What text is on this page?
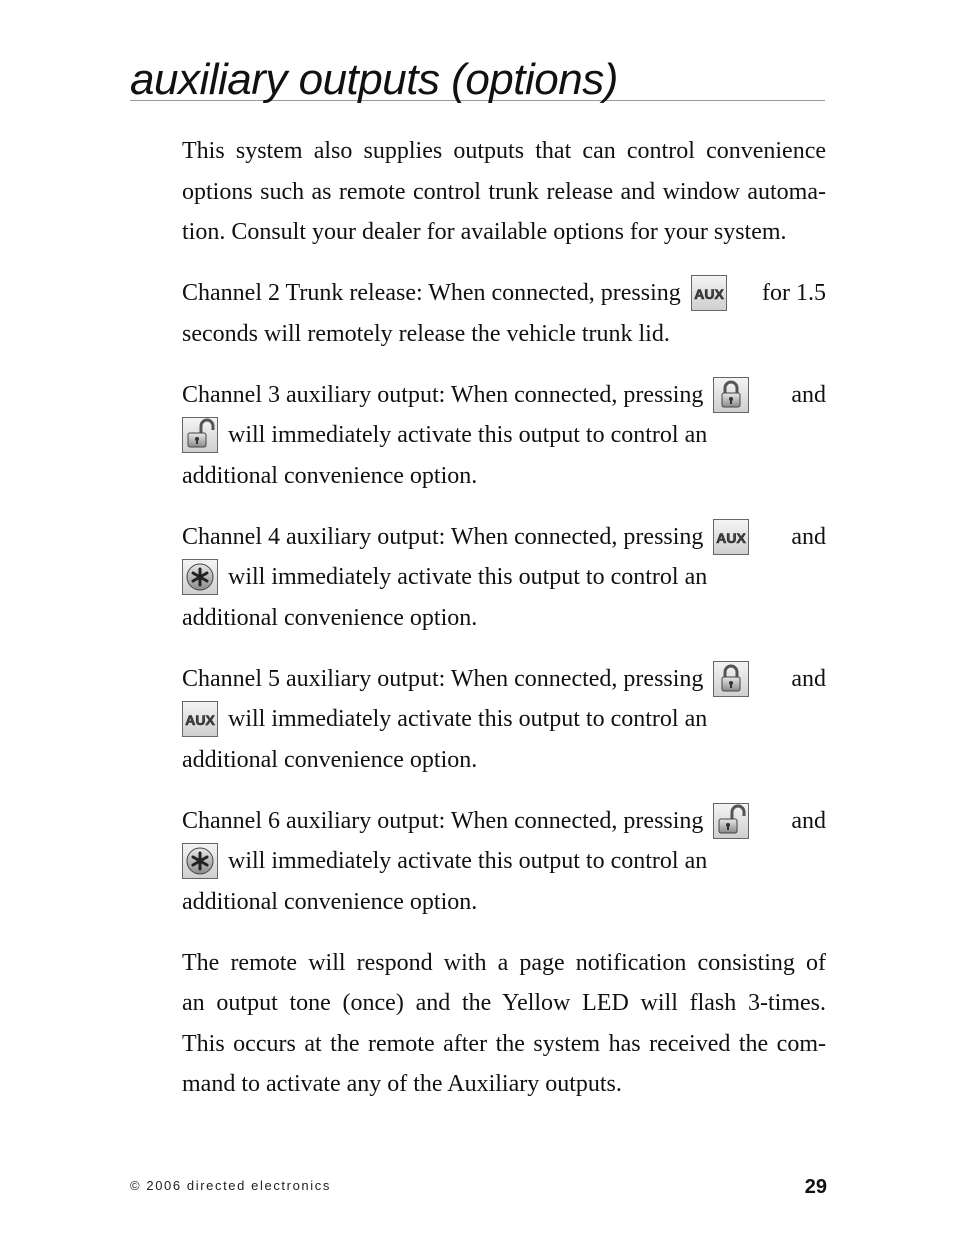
auxiliary outputs (options)
This system also supplies outputs that can control convenience
options such as remote control trunk release and window automa-
tion. Consult your dealer for available options for your system.
Channel 2 Trunk release: When connected, pressing AUX for 1.5
seconds will remotely release the vehicle trunk lid.
Channel 3 auxiliary output: When connected, pressing	and
will immediately activate this output to control an
additional convenience option.
Channel 4 auxiliary output: When connected, pressing AUX and
will immediately activate this output to control an
additional convenience option.
Channel 5 auxiliary output: When connected, pressing	and
AUX will immediately activate this output to control an
additional convenience option.
Channel 6 auxiliary output: When connected, pressing	and
will immediately activate this output to control an
additional convenience option.
The remote will respond with a page notification consisting of
an output tone (once) and the Yellow LED will flash 3-times.
This occurs at the remote after the system has received the com-
mand to activate any of the Auxiliary outputs.
© 2006 directed electronics	29
